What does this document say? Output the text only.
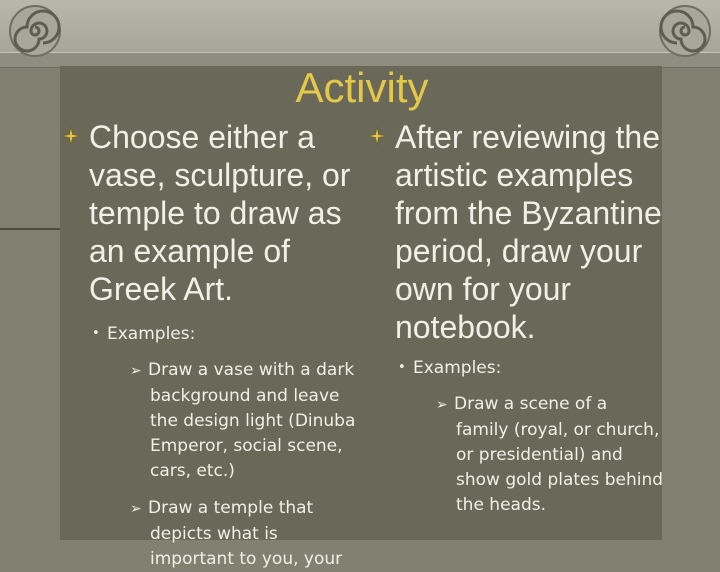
Activity
Choose either a vase, sculpture, or temple to draw as an example of Greek Art.
• Examples:
➢ Draw a vase with a dark background and leave the design light (Dinuba Emperor, social scene, cars, etc.)
➢ Draw a temple that depicts what is important to you, your
After reviewing the artistic examples from the Byzantine period, draw your own for your notebook.
• Examples:
➢ Draw a scene of a family (royal, or church, or presidential) and show gold plates behind the heads.
